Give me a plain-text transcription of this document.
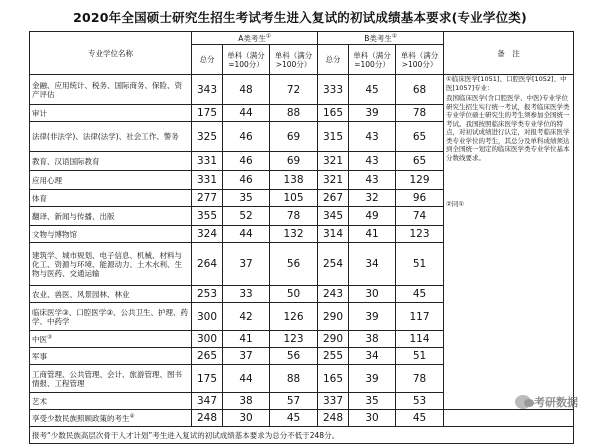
2020年全国硕士研究生招生考试考生进入复试的初试成绩基本要求(专业学位类)
专业学位名称	A类考生①			B类考生②			备　注
	总分	单科（满分=100分）	单科（满分>100分）	总分	单科（满分=100分）	单科（满分>100分）	
金融、应用统计、税务、国际商务、保险、资产评估	343	48	72	333	45	68	①临床医学[1051]、口腔医学[1052]、中医[1057]专业：

我国临床医学(含口腔医学、中医)专业学位研究生招生实行统一考试，报考临床医学类专业学位硕士研究生的考生须参加全国统一考试。我国按照临床医学类专业学位的特点，对初试成绩进行认定，对报考临床医学类专业学位的考生，其总分及单科成绩须达到全国统一划定的临床医学类专业学位基本分数线要求。

②同①

审计	175	44	88	165	39	78	
法律(非法学)、法律(法学)、社会工作、警务	325	46	69	315	43	65	
教育、汉语国际教育	331	46	69	321	43	65	
应用心理	331	46	138	321	43	129	
体育	277	35	105	267	32	96	
翻译、新闻与传播、出版	355	52	78	345	49	74	
文物与博物馆	324	44	132	314	41	123	
建筑学、城市规划、电子信息、机械、材料与化工、资源与环境、能源动力、土木水利、生物与医药、交通运输	264	37	56	254	34	51	
农业、兽医、风景园林、林业	253	33	50	243	30	45	
临床医学③、口腔医学③、公共卫生、护理、药学、中药学	300	42	126	290	39	117	
中医③	300	41	123	290	38	114	
军事	265	37	56	255	34	51	
工商管理、公共管理、会计、旅游管理、图书情报、工程管理	175	44	88	165	39	78	
艺术	347	38	57	337	35	53	
享受少数民族照顾政策的考生④	248	30	45	248	30	45	
报考“少数民族高层次骨干人才计划”考生进入复试的初试成绩基本要求为总分不低于248分。							
考研数据
